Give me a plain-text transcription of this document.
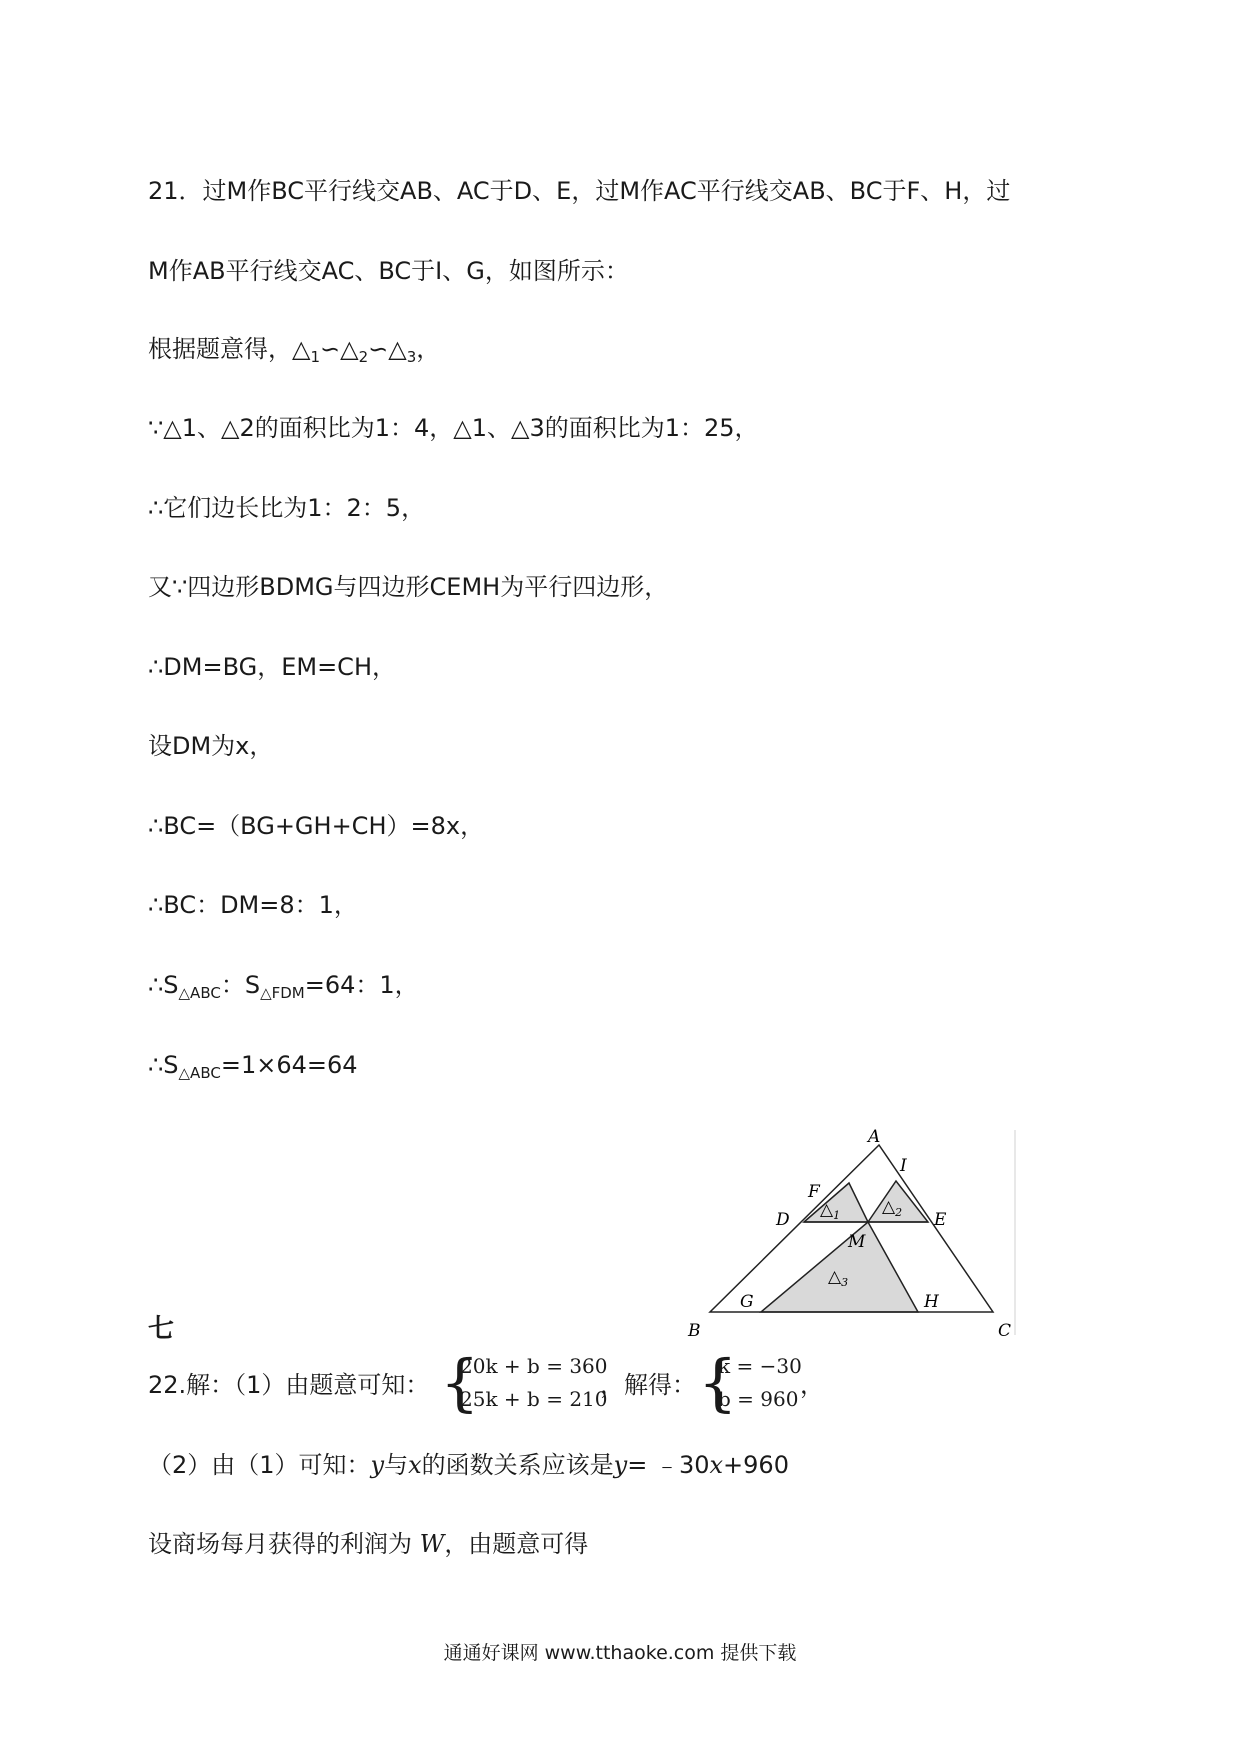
21．过M作BC平行线交AB、AC于D、E，过M作AC平行线交AB、BC于F、H，过
M作AB平行线交AC、BC于I、G，如图所示：
根据题意得，$\triangle_1∽\triangle_2∽\triangle_3$，
∵△1、△2的面积比为1：4，△1、△3的面积比为1：25，
∴它们边长比为1：2：5，
又∵四边形BDMG与四边形CEMH为平行四边形，
∴DM=BG，EM=CH，
设DM为x，
∴BC=（BG+GH+CH）=8x，
∴BC：DM=8：1，
$\therefore S_{\triangle ABC}$：$S_{\triangle FDM}=64$：1，
$\therefore S_{\triangle ABC}=1\times 64=64$
A
I
F
D	E
M
B
G	H
C
$\triangle_1$ $\triangle_2$
$\triangle_3$
七
22.解：（1）由题意可知： {
20k + b = 360
25k + b = 210
，解得： {
k = −30
b = 960 ，
（2）由（1）可知：y与x的函数关系应该是y= ﹣30x+960
设商场每月获得的利润为 W，由题意可得
通通好课网 www.tthaoke.com 提供下载
